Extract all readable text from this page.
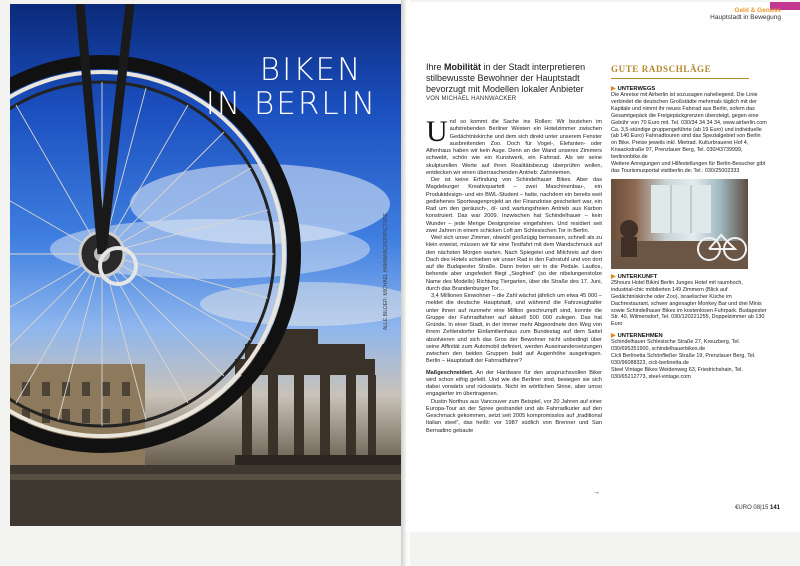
BIKEN
IN BERLIN
ALLE BILDER: MICHAEL HANNWACKER/PICTURE
Geld & Genuss
Hauptstadt in Bewegung

Ihre Mobilität in der Stadt interpretieren stilbewusste Bewohner der Hauptstadt bevorzugt mit Modellen lokaler Anbieter

VON MICHAEL HANNWACKER

Und so kommt die Sache ins Rollen: Wir beziehen im aufstrebenden Berliner Westen ein Hotelzimmer zwischen Gedächtniskirche und dem sich direkt unter unserem Fenster ausbreitenden Zoo. Doch für Vogel-, Elefanten- oder Affenhaus haben wir kein Auge. Denn an der Wand unseres Zimmers schwebt, schön wie ein Kunstwerk, ein Fahrrad. Als wir seine skulpturellen Werte auf ihren Realitätsbezug überprüfen wollen, entdecken wir einen überraschenden Antrieb: Zahnriemen.

Der ist keine Erfindung von Schindelhauer Bikes. Aber das Magdeburger Kreativquartett – zwei Maschinenbau-, ein Produktdesign- und ein BWL-Student – hatte, nachdem ein bereits weit gediehenes Sportwagenprojekt an der Finanzkrise gescheitert war, ein Rad um den geräusch-, öl- und wartungsfreien Antrieb aus Karbon konstruiert. Das war 2009. Inzwischen hat Schindelhauer – kein Wunder – jede Menge Designpreise eingefahren. Und residiert seit zwei Jahren in einem schicken Loft am Schlesischen Tor in Berlin.

Weil sich unser Zimmer, obwohl großzügig bemessen, schnell als zu klein erweist, müssen wir für eine Testfahrt mit dem Wandschmuck auf den nächsten Morgen warten. Nach Spiegelei und Milchreis auf dem Dach des Hotels schieben wir unser Rad in den Fahrstuhl und von dort auf die Budapester Straße. Dann treten wir in die Pedale. Lautlos, behende aber ungefedert fliegt „Siegfried“ (so der nibelungenstolze Name des Modells) Richtung Tiergarten, über die Straße des 17. Juni, durch das Brandenburger Tor…

3,4 Millionen Einwohner – die Zahl wächst jährlich um etwa 45 000 – meldet die deutsche Hauptstadt, und während die Fahrzeughalter unter ihnen auf nunmehr eine Million geschrumpft sind, konnte die Gruppe der Fahrradfahrer auf aktuell 500 000 zulegen. Das hat Gründe. In einer Stadt, in der immer mehr Abgeordnete den Weg von ihrem Zehlendorfer Einfamilienhaus zum Bundestag auf dem Sattel absolvieren und sich das Gros der Bewohner nicht unbedingt über seine Affinität zum Automobil definiert, werden Auseinandersetzungen zwischen den beiden Gruppen bald auf Augenhöhe ausgetragen. Berlin – Hauptstadt der Fahrradfahrer?

Maßgeschneidert. An der Hardware für den anspruchsvollen Biker wird schon eifrig gefeilt. Und wie die Berliner sind, bewegen sie sich dabei vorwärts und rückwärts. Nicht im wörtlichen Sinne, aber umso engagierter im übertragenen.

Dustin Northus aus Vancouver zum Beispiel, vor 20 Jahren auf einer Europa-Tour an der Spree gestrandet und als Fahrradkurier auf den Geschmack gekommen, setzt seit 2005 kompromisslos auf „traditional Italian steel“, das heißt: vor 1987 südlich von Brenner und San Bernadino gebaute

→
GUTE RADSCHLÄGE
▶ UNTERWEGS
Die Anreise mit Airberlin ist sozusagen naheliegend. Die Linie verbindet die deutschen Großstädte mehrmals täglich mit der Kapitale und nimmt ihr neues Fahrrad aus Berlin, sofern das Gesamtgepäck die Freigepäckgrenzen übersteigt, gegen eine Gebühr von 70 Euro mit. Tel. 030/34 34 34 34, www.airberlin.com
Ca. 3,5-stündige gruppengeführte (ab 19 Euro) und individuelle (ab 140 Euro) Fahrradtouren sind das Spezialgebiet von Berlin on Bike. Preise jeweils inkl. Mietrad. Kulturbrauerei Hof 4, Knaackstraße 97, Prenzlauer Berg, Tel. 030/43739999, berlinonbike.de
Weitere Anregungen und Hilfestellungen für Berlin-Besucher gibt das Tourismusportal visitberlin.de; Tel.: 030/25002333
▶ UNTERKUNFT
25hours Hotel Bikini Berlin Junges Hotel mit raumhoch, industrial-chic möblierten 149 Zimmern (Blick auf Gedächtniskirche oder Zoo), israelischer Küche im Dachrestaurant, schwer angesagter Monkey Bar und drei Minis sowie Schindelhauer Bikes im kostenlosen Fuhrpark. Budapester Str. 40, Wilmersdorf, Tel. 030/120221255, Doppelzimmer ab 130 Euro
▶ UNTERNEHMEN
Schindelhauer Schlesische Straße 27, Kreuzberg, Tel. 030/695351900, schindelhauerbikes.de
Cicli Berlinetta Schönfließer Straße 19, Prenzlauer Berg, Tel. 030/96088323, cicli-berlinetta.de
Steel Vintage Bikes Weidenweg 63, Friedrichshain, Tel. 030/65212773, steel-vintage.com
€URO 08|15 141
